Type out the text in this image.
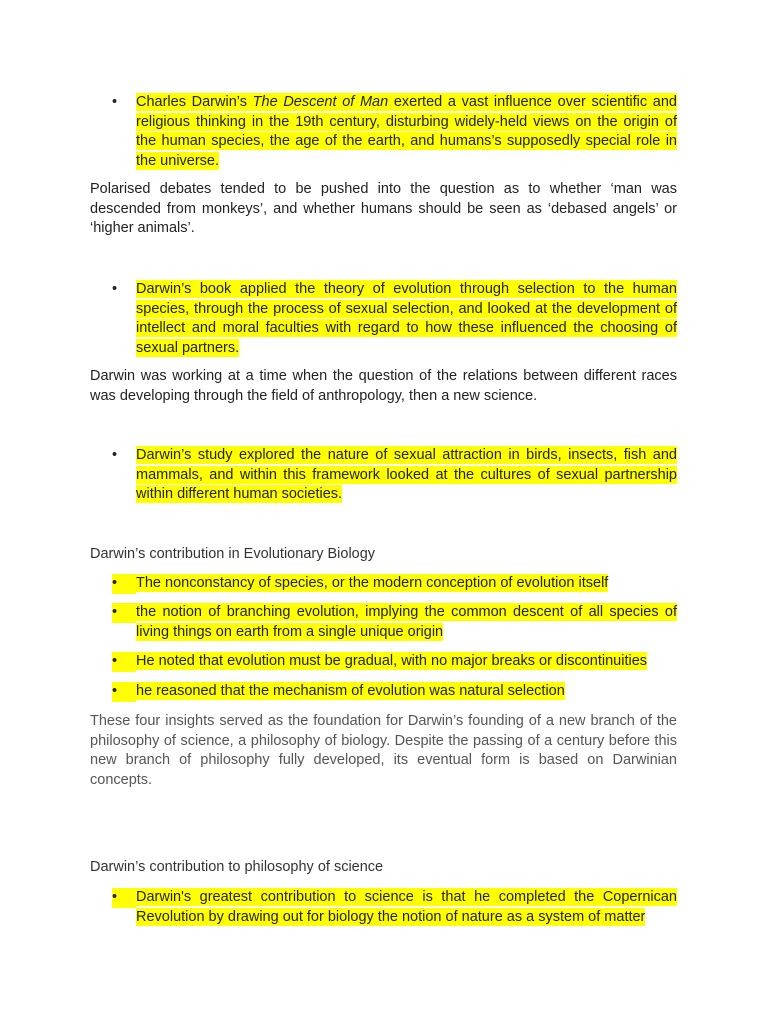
• Charles Darwin’s The Descent of Man exerted a vast influence over scientific and religious thinking in the 19th century, disturbing widely-held views on the origin of the human species, the age of the earth, and humans’s supposedly special role in the universe.
Polarised debates tended to be pushed into the question as to whether ‘man was descended from monkeys’, and whether humans should be seen as ‘debased angels’ or ‘higher animals’.
• Darwin’s book applied the theory of evolution through selection to the human species, through the process of sexual selection, and looked at the development of intellect and moral faculties with regard to how these influenced the choosing of sexual partners.
Darwin was working at a time when the question of the relations between different races was developing through the field of anthropology, then a new science.
• Darwin’s study explored the nature of sexual attraction in birds, insects, fish and mammals, and within this framework looked at the cultures of sexual partnership within different human societies.
Darwin’s contribution in Evolutionary Biology
•	The nonconstancy of species, or the modern conception of evolution itself
•	the notion of branching evolution, implying the common descent of all species of living things on earth from a single unique origin
•	He noted that evolution must be gradual, with no major breaks or discontinuities
•	he reasoned that the mechanism of evolution was natural selection
These four insights served as the foundation for Darwin’s founding of a new branch of the philosophy of science, a philosophy of biology. Despite the passing of a century before this new branch of philosophy fully developed, its eventual form is based on Darwinian concepts.
Darwin’s contribution to philosophy of science
•	Darwin's greatest contribution to science is that he completed the Copernican Revolution by drawing out for biology the notion of nature as a system of matter
